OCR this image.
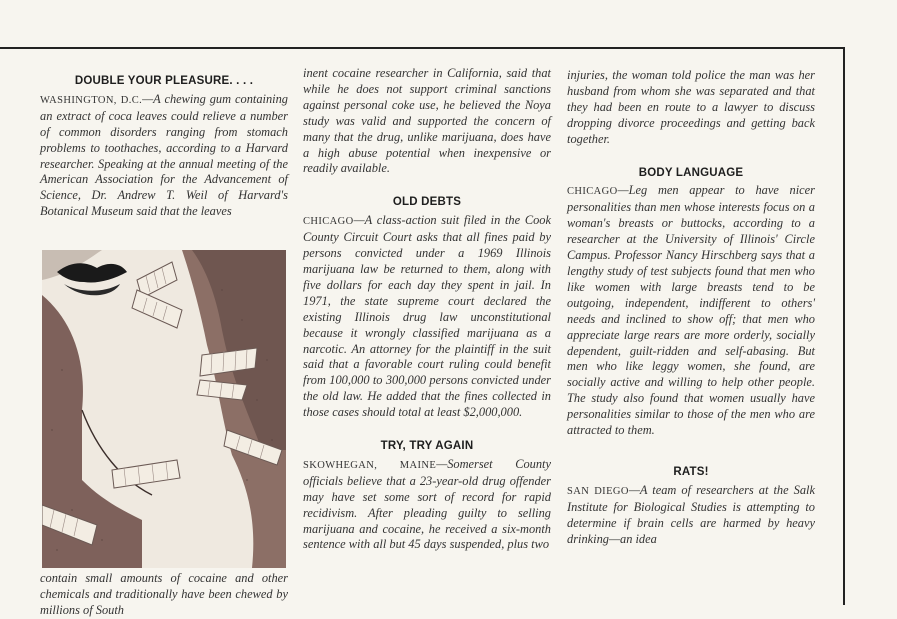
DOUBLE YOUR PLEASURE. . . .

WASHINGTON, D.C.—A chewing gum containing an extract of coca leaves could relieve a number of common disorders ranging from stomach problems to toothaches, according to a Harvard researcher. Speaking at the annual meeting of the American Association for the Advancement of Science, Dr. Andrew T. Weil of Harvard's Botanical Museum said that the leaves

contain small amounts of cocaine and other chemicals and traditionally have been chewed by millions of South

inent cocaine researcher in California, said that while he does not support criminal sanctions against personal coke use, he believed the Noya study was valid and supported the concern of many that the drug, unlike marijuana, does have a high abuse potential when inexpensive or readily available.

OLD DEBTS

CHICAGO—A class-action suit filed in the Cook County Circuit Court asks that all fines paid by persons convicted under a 1969 Illinois marijuana law be returned to them, along with five dollars for each day they spent in jail. In 1971, the state supreme court declared the existing Illinois drug law unconstitutional because it wrongly classified marijuana as a narcotic. An attorney for the plaintiff in the suit said that a favorable court ruling could benefit from 100,000 to 300,000 persons convicted under the old law. He added that the fines collected in those cases should total at least $2,000,000.

TRY, TRY AGAIN

SKOWHEGAN, MAINE—Somerset County officials believe that a 23-year-old drug offender may have set some sort of record for rapid recidivism. After pleading guilty to selling marijuana and cocaine, he received a six-month sentence with all but 45 days suspended, plus two

injuries, the woman told police the man was her husband from whom she was separated and that they had been en route to a lawyer to discuss dropping divorce proceedings and getting back together.

BODY LANGUAGE

CHICAGO—Leg men appear to have nicer personalities than men whose interests focus on a woman's breasts or buttocks, according to a researcher at the University of Illinois' Circle Campus. Professor Nancy Hirschberg says that a lengthy study of test subjects found that men who like women with large breasts tend to be outgoing, independent, indifferent to others' needs and inclined to show off; that men who appreciate large rears are more orderly, socially dependent, guilt-ridden and self-abasing. But men who like leggy women, she found, are socially active and willing to help other people. The study also found that women usually have personalities similar to those of the men who are attracted to them.

RATS!

SAN DIEGO—A team of researchers at the Salk Institute for Biological Studies is attempting to determine if brain cells are harmed by heavy drinking—an idea
